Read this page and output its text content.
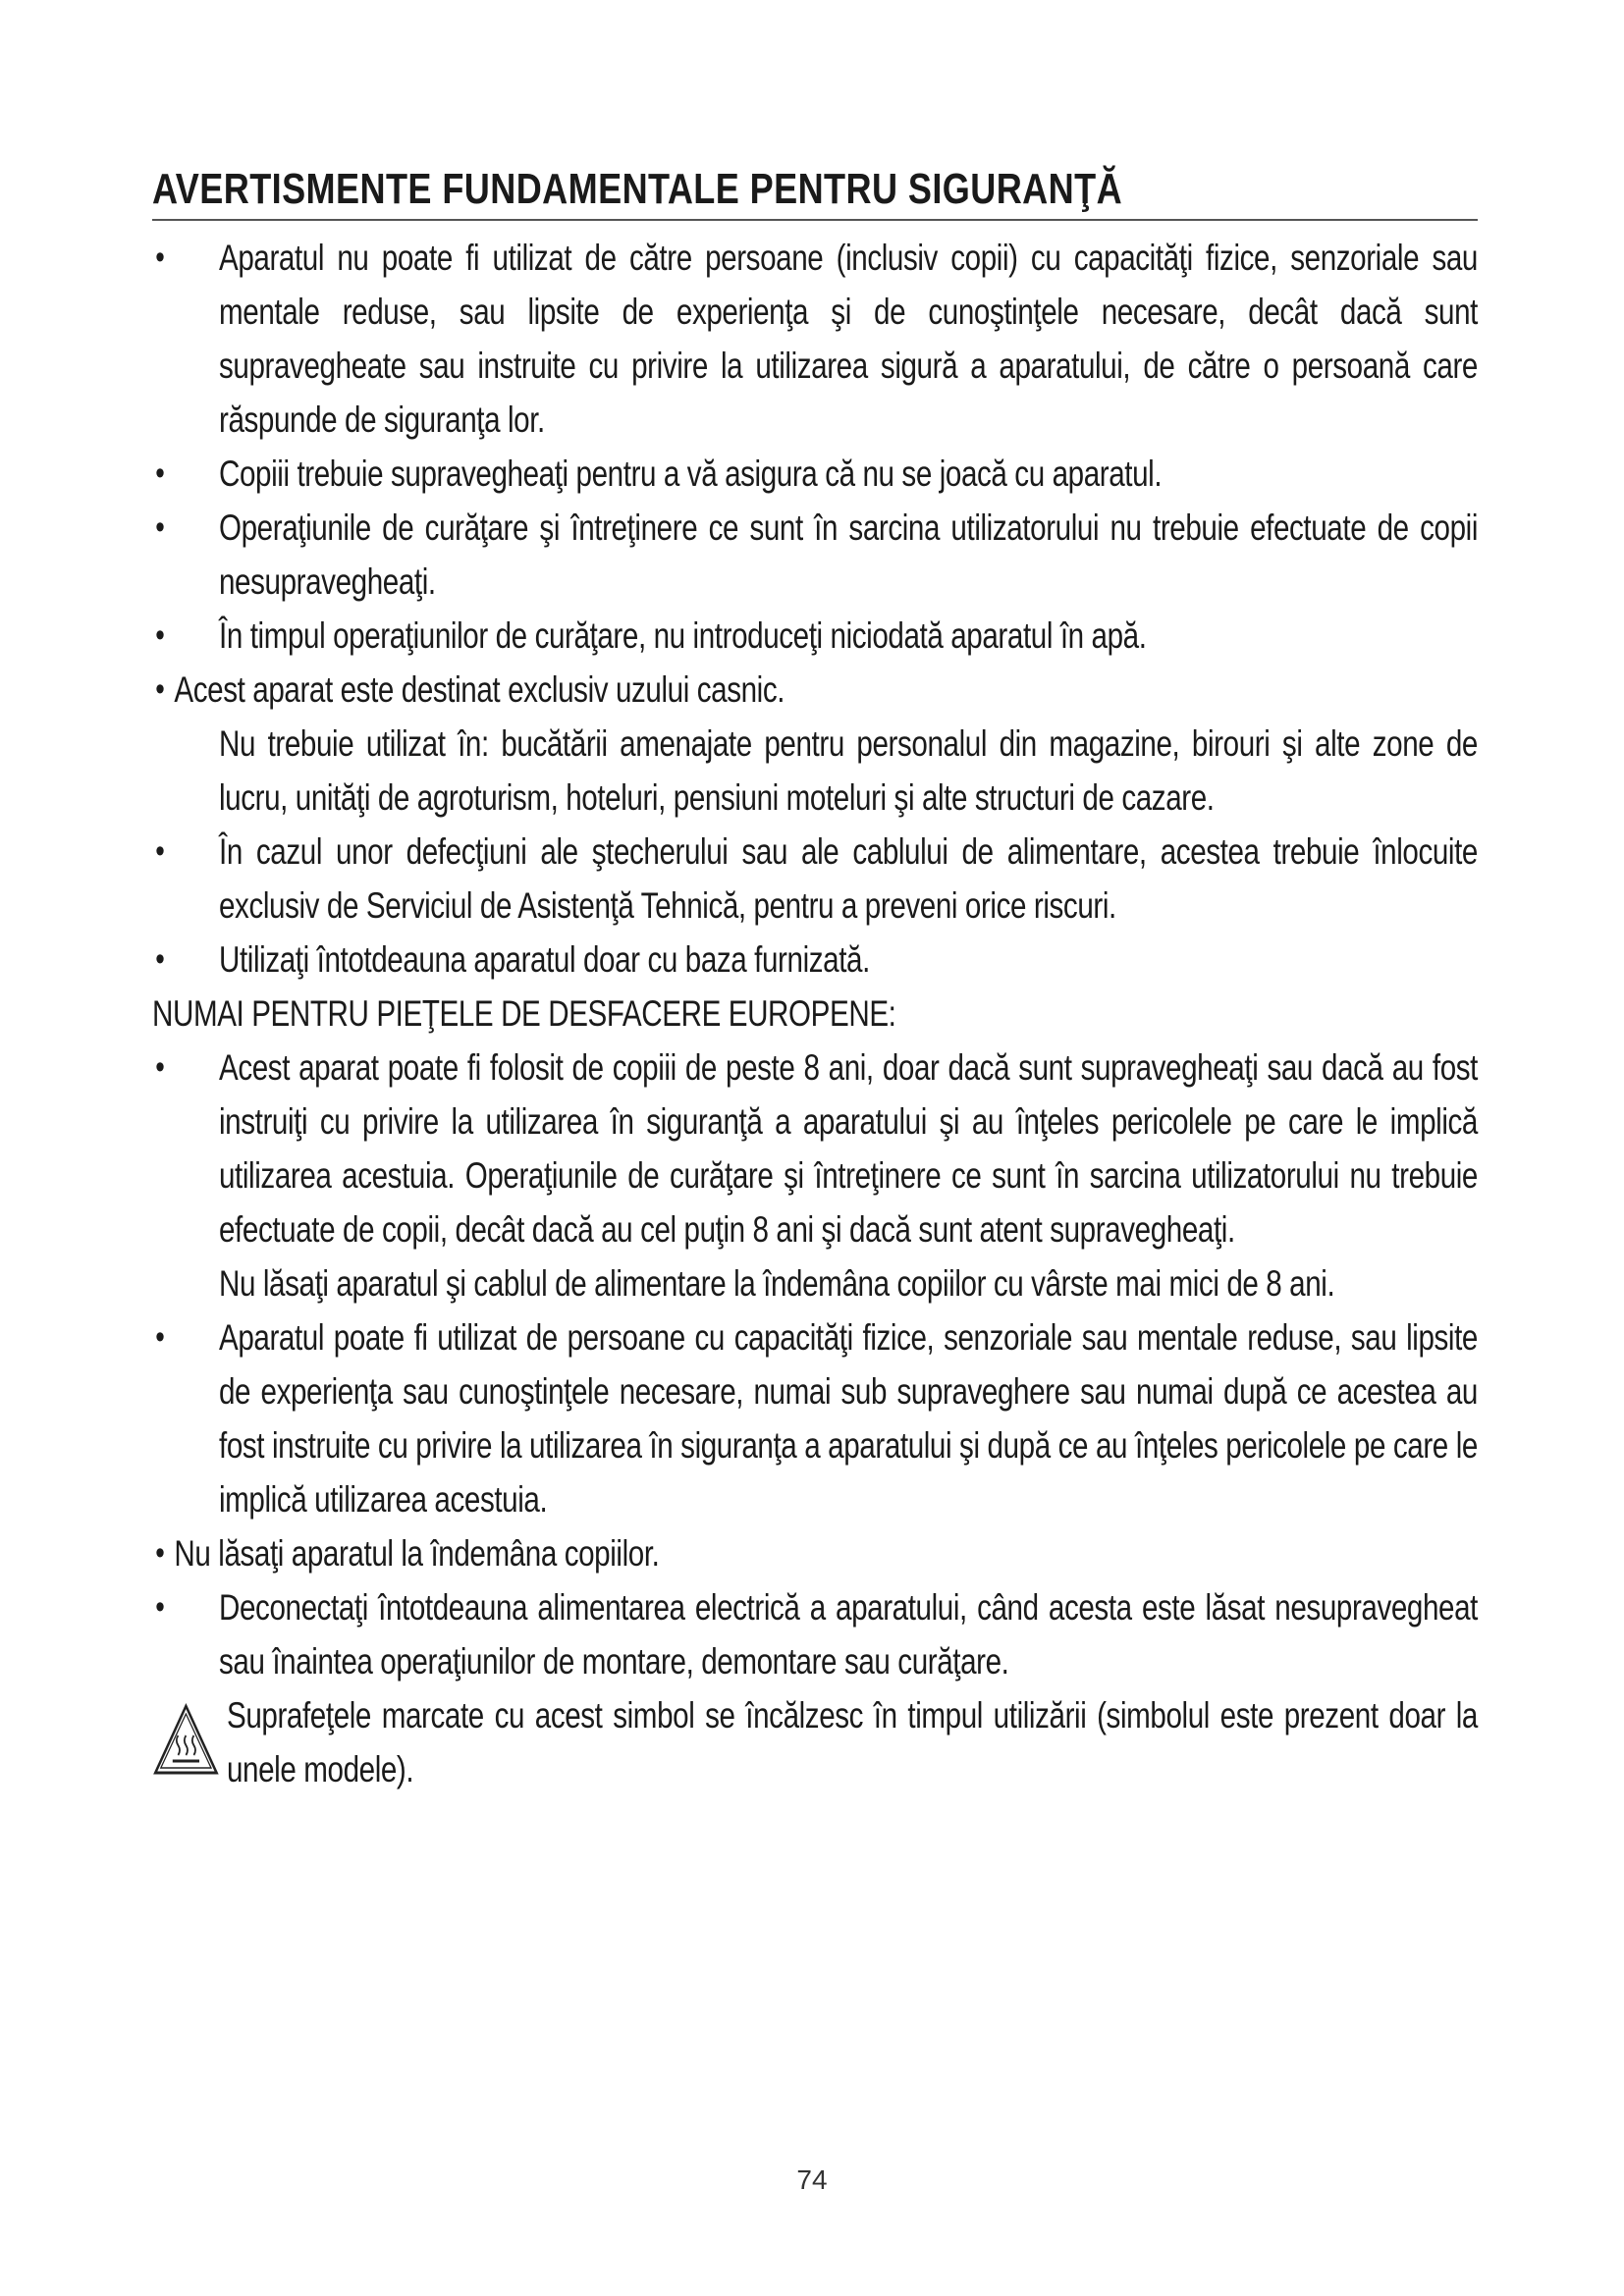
AVERTISMENTE FUNDAMENTALE PENTRU SIGURANŢĂ
•	Aparatul nu poate fi utilizat de către persoane (inclusiv copii) cu capacităţi fizice, senzoriale sau mentale reduse, sau lipsite de experienţa şi de cunoştinţele necesare, decât dacă sunt supravegheate sau instruite cu privire la utilizarea sigură a aparatului, de către o persoană care răspunde de siguranţa lor.
•	Copiii trebuie supravegheaţi pentru a vă asigura că nu se joacă cu aparatul.
•	Operaţiunile de curăţare şi întreţinere ce sunt în sarcina utilizatorului nu trebuie efectuate de copii nesupravegheaţi.
•	În timpul operaţiunilor de curăţare, nu introduceţi niciodată aparatul în apă.
• Acest aparat este destinat exclusiv uzului casnic.
Nu trebuie utilizat în: bucătării amenajate pentru personalul din magazine, birouri şi alte zone de lucru, unităţi de agroturism, hoteluri, pensiuni moteluri şi alte structuri de cazare.
•	În cazul unor defecţiuni ale ştecherului sau ale cablului de alimentare, acestea trebuie înlocuite exclusiv de Serviciul de Asistenţă Tehnică, pentru a preveni orice riscuri.
•	Utilizaţi întotdeauna aparatul doar cu baza furnizată.

NUMAI PENTRU PIEŢELE DE DESFACERE EUROPENE:

•	Acest aparat poate fi folosit de copiii de peste 8 ani, doar dacă sunt supravegheaţi sau dacă au fost instruiţi cu privire la utilizarea în siguranţă a aparatului şi au înţeles pericolele pe care le implică utilizarea acestuia. Operaţiunile de curăţare şi întreţinere ce sunt în sarcina utilizatorului nu trebuie efectuate de copii, decât dacă au cel puţin 8 ani şi dacă sunt atent supravegheaţi.
Nu lăsaţi aparatul şi cablul de alimentare la îndemâna copiilor cu vârste mai mici de 8 ani.
•	Aparatul poate fi utilizat de persoane cu capacităţi fizice, senzoriale sau mentale reduse, sau lipsite de experienţa sau cunoştinţele necesare, numai sub supraveghere sau numai după ce acestea au fost instruite cu privire la utilizarea în siguranţa a aparatului şi după ce au înţeles pericolele pe care le implică utilizarea acestuia.
• Nu lăsaţi aparatul la îndemâna copiilor.
•	Deconectaţi întotdeauna alimentarea electrică a aparatului, când acesta este lăsat nesupravegheat sau înaintea operaţiunilor de montare, demontare sau curăţare.
Suprafeţele marcate cu acest simbol se încălzesc în timpul utilizării (simbolul este prezent doar la unele modele).
74
